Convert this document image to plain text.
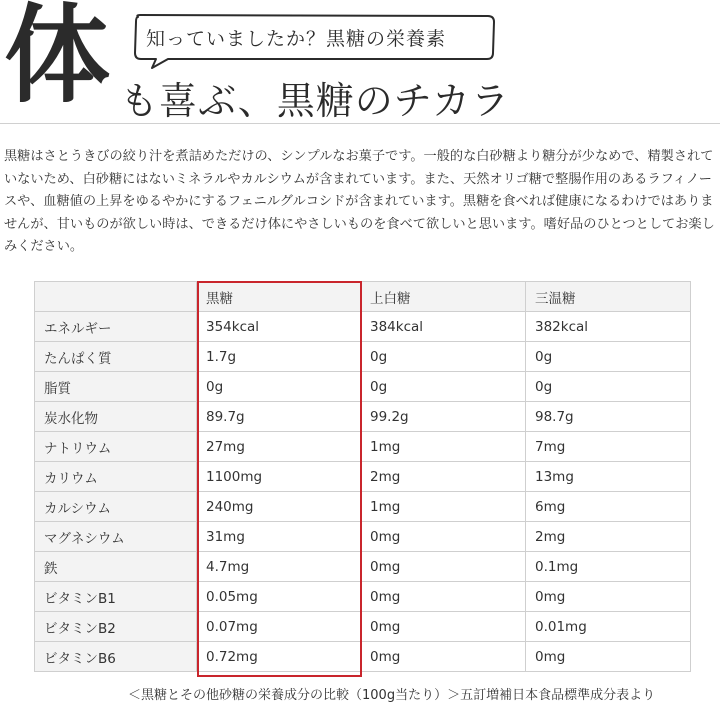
体 知っていましたか？黒糖の栄養素
も喜ぶ、黒糖のチカラ

黒糖はさとうきびの絞り汁を煮詰めただけの、シンプルなお菓子です。一般的な白砂糖より糖分が少なめで、精製されていないため、白砂糖にはないミネラルやカルシウムが含まれています。また、天然オリゴ糖で整腸作用のあるラフィノースや、血糖値の上昇をゆるやかにするフェニルグルコシドが含まれています。黒糖を食べれば健康になるわけではありませんが、甘いものが欲しい時は、できるだけ体にやさしいものを食べて欲しいと思います。嗜好品のひとつとしてお楽しみください。

	黒糖	上白糖	三温糖
エネルギー	354kcal	384kcal	382kcal
たんぱく質	1.7g	0g	0g
脂質	0g	0g	0g
炭水化物	89.7g	99.2g	98.7g
ナトリウム	27mg	1mg	7mg
カリウム	1100mg	2mg	13mg
カルシウム	240mg	1mg	6mg
マグネシウム	31mg	0mg	2mg
鉄	4.7mg	0mg	0.1mg
ビタミンB1	0.05mg	0mg	0mg
ビタミンB2	0.07mg	0mg	0.01mg
ビタミンB6	0.72mg	0mg	0mg
＜黒糖とその他砂糖の栄養成分の比較（100g当たり）＞五訂増補日本食品標準成分表より
